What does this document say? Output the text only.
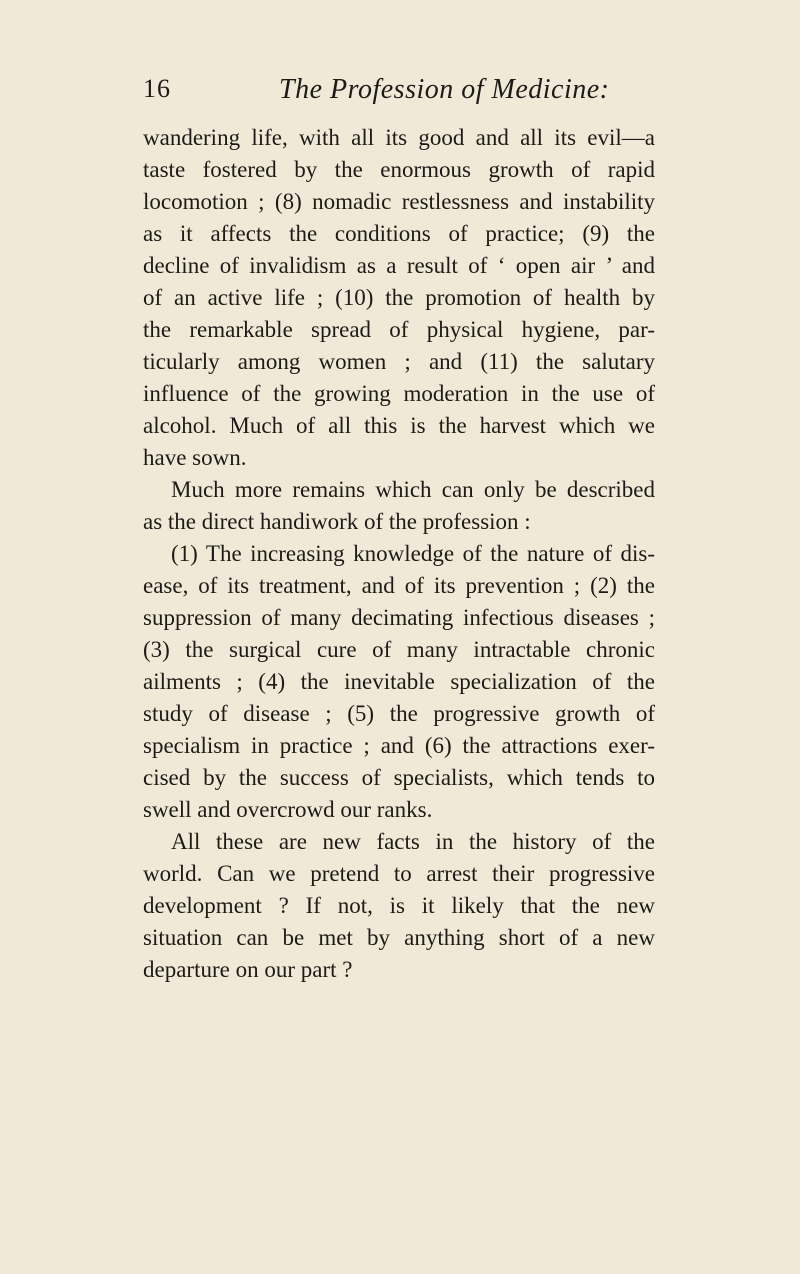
16	The Profession of Medicine:
wandering life, with all its good and all its evil—a
taste fostered by the enormous growth of rapid
locomotion ; (8) nomadic restlessness and instability
as it affects the conditions of practice; (9) the
decline of invalidism as a result of ‘ open air ’ and
of an active life ; (10) the promotion of health by
the remarkable spread of physical hygiene, par-
ticularly among women ; and (11) the salutary
influence of the growing moderation in the use of
alcohol. Much of all this is the harvest which we
have sown.
Much more remains which can only be described
as the direct handiwork of the profession :
(1) The increasing knowledge of the nature of dis-
ease, of its treatment, and of its prevention ; (2) the
suppression of many decimating infectious diseases ;
(3) the surgical cure of many intractable chronic
ailments ; (4) the inevitable specialization of the
study of disease ; (5) the progressive growth of
specialism in practice ; and (6) the attractions exer-
cised by the success of specialists, which tends to
swell and overcrowd our ranks.
All these are new facts in the history of the
world. Can we pretend to arrest their progressive
development ? If not, is it likely that the new
situation can be met by anything short of a new
departure on our part ?
